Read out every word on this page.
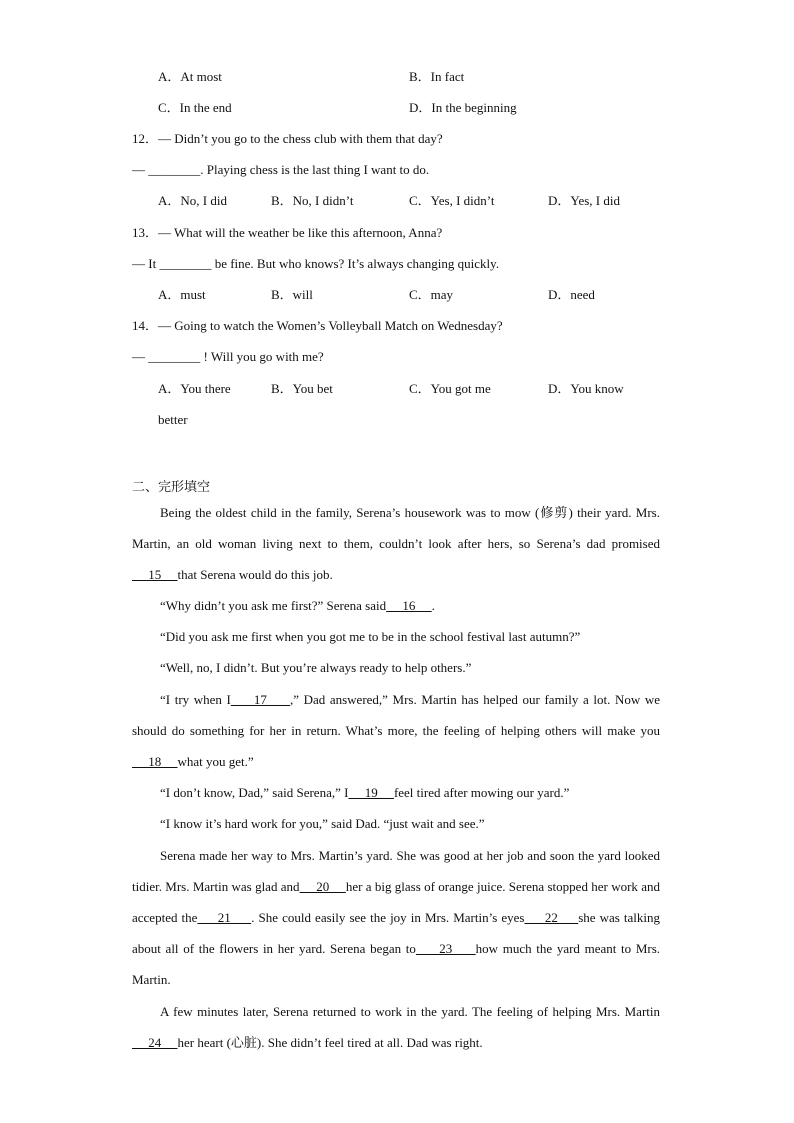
A．At most	B．In fact
C．In the end	D．In the beginning
12．— Didn’t you go to the chess club with them that day?
— ________. Playing chess is the last thing I want to do.
A．No, I did	B．No, I didn’t	C．Yes, I didn’t	D．Yes, I did
13．— What will the weather be like this afternoon, Anna?
— It ________ be fine. But who knows? It’s always changing quickly.
A．must	B．will	C．may	D．need
14．— Going to watch the Women’s Volleyball Match on Wednesday?
— ________ ! Will you go with me?
A．You there	B．You bet	C．You got me	D．You know
better
二、完形填空
Being the oldest child in the family, Serena’s housework was to mow (修剪) their yard. Mrs. Martin, an old woman living next to them, couldn’t look after hers, so Serena’s dad promised     15     that Serena would do this job.
“Why didn’t you ask me first?” Serena said     16     .
“Did you ask me first when you got me to be in the school festival last autumn?”
“Well, no, I didn’t. But you’re always ready to help others.”
“I try when I     17     ,” Dad answered,” Mrs. Martin has helped our family a lot. Now we should do something for her in return. What’s more, the feeling of helping others will make you     18     what you get.”
“I don’t know, Dad,” said Serena,” I     19     feel tired after mowing our yard.”
“I know it’s hard work for you,” said Dad. “just wait and see.”
Serena made her way to Mrs. Martin’s yard. She was good at her job and soon the yard looked tidier. Mrs. Martin was glad and     20     her a big glass of orange juice. Serena stopped her work and accepted the     21     . She could easily see the joy in Mrs. Martin’s eyes     22     she was talking about all of the flowers in her yard. Serena began to     23     how much the yard meant to Mrs. Martin.
A few minutes later, Serena returned to work in the yard. The feeling of helping Mrs. Martin     24     her heart (心脏). She didn’t feel tired at all. Dad was right.
